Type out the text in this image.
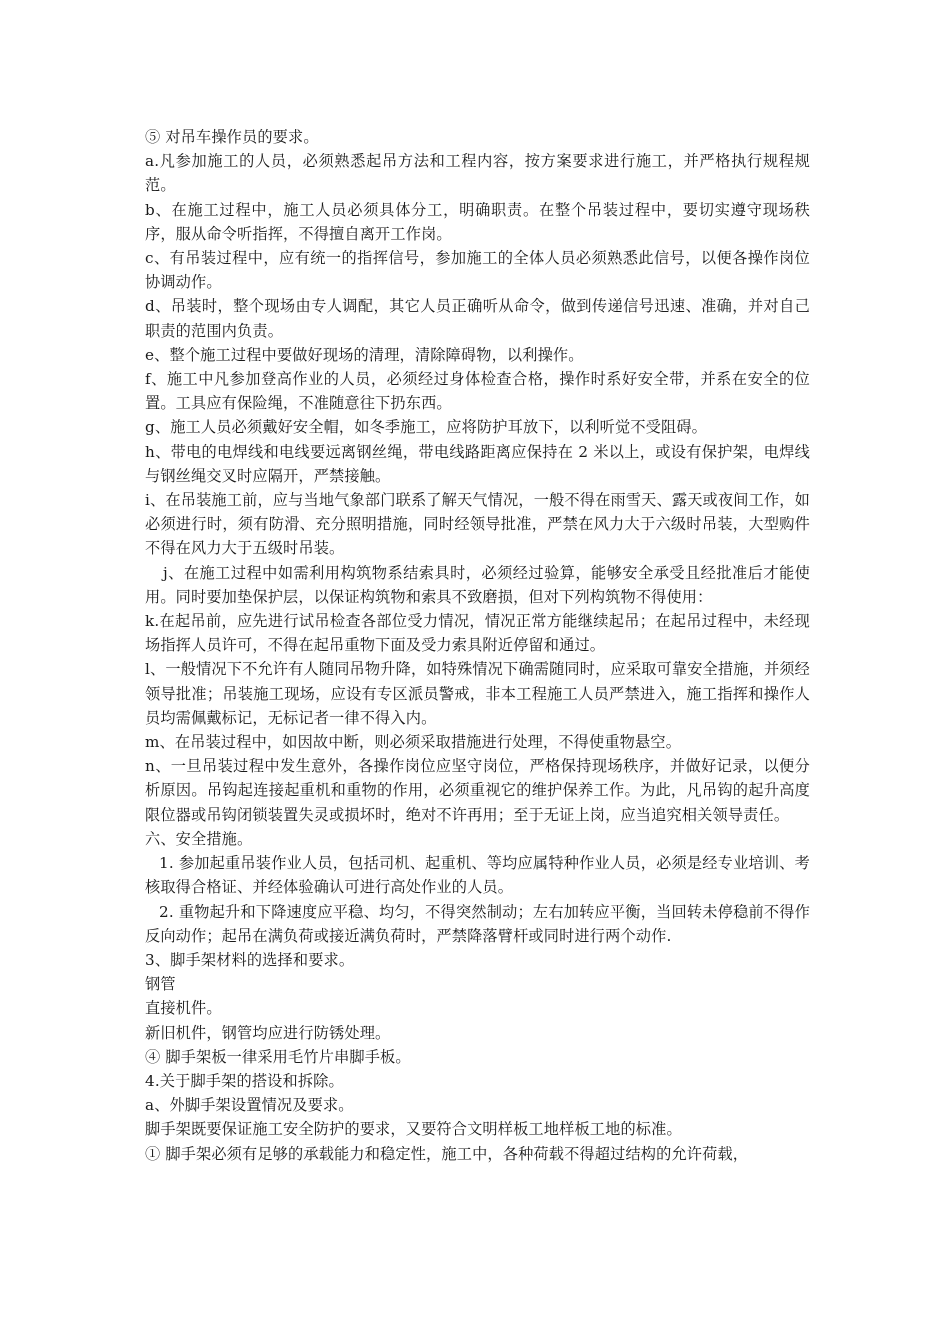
⑤ 对吊车操作员的要求。

a.凡参加施工的人员，必须熟悉起吊方法和工程内容，按方案要求进行施工，并严格执行规程规范。

b、在施工过程中，施工人员必须具体分工，明确职责。在整个吊装过程中，要切实遵守现场秩序，服从命令听指挥，不得擅自离开工作岗。

c、有吊装过程中，应有统一的指挥信号，参加施工的全体人员必须熟悉此信号，以便各操作岗位协调动作。

d、吊装时，整个现场由专人调配，其它人员正确听从命令，做到传递信号迅速、准确，并对自己职责的范围内负责。

e、整个施工过程中要做好现场的清理，清除障碍物，以利操作。

f、施工中凡参加登高作业的人员，必须经过身体检查合格，操作时系好安全带，并系在安全的位置。工具应有保险绳，不准随意往下扔东西。

g、施工人员必须戴好安全帽，如冬季施工，应将防护耳放下，以利听觉不受阻碍。

h、带电的电焊线和电线要远离钢丝绳，带电线路距离应保持在 2 米以上，或设有保护架，电焊线与钢丝绳交叉时应隔开，严禁接触。

i、在吊装施工前，应与当地气象部门联系了解天气情况，一般不得在雨雪天、露天或夜间工作，如必须进行时，须有防滑、充分照明措施，同时经领导批准，严禁在风力大于六级时吊装，大型购件不得在风力大于五级时吊装。

j、在施工过程中如需利用构筑物系结索具时，必须经过验算，能够安全承受且经批准后才能使用。同时要加垫保护层，以保证构筑物和索具不致磨损，但对下列构筑物不得使用：

k.在起吊前，应先进行试吊检查各部位受力情况，情况正常方能继续起吊；在起吊过程中，未经现场指挥人员许可，不得在起吊重物下面及受力索具附近停留和通过。

l、一般情况下不允许有人随同吊物升降，如特殊情况下确需随同时，应采取可靠安全措施，并须经领导批准；吊装施工现场，应设有专区派员警戒，非本工程施工人员严禁进入，施工指挥和操作人员均需佩戴标记，无标记者一律不得入内。

m、在吊装过程中，如因故中断，则必须采取措施进行处理，不得使重物悬空。

n、一旦吊装过程中发生意外，各操作岗位应坚守岗位，严格保持现场秩序，并做好记录，以便分析原因。吊钩起连接起重机和重物的作用，必须重视它的维护保养工作。为此，凡吊钩的起升高度限位器或吊钩闭锁装置失灵或损坏时，绝对不许再用；至于无证上岗，应当追究相关领导责任。

六、安全措施。

1. 参加起重吊装作业人员，包括司机、起重机、等均应属特种作业人员，必须是经专业培训、考核取得合格证、并经体验确认可进行高处作业的人员。

2. 重物起升和下降速度应平稳、均匀，不得突然制动；左右加转应平衡，当回转未停稳前不得作反向动作；起吊在满负荷或接近满负荷时，严禁降落臂杆或同时进行两个动作.

3、脚手架材料的选择和要求。

钢管

直接机件。

新旧机件，钢管均应进行防锈处理。

④ 脚手架板一律采用毛竹片串脚手板。

4.关于脚手架的搭设和拆除。

a、外脚手架设置情况及要求。

脚手架既要保证施工安全防护的要求，又要符合文明样板工地样板工地的标准。

① 脚手架必须有足够的承载能力和稳定性，施工中，各种荷载不得超过结构的允许荷载，
